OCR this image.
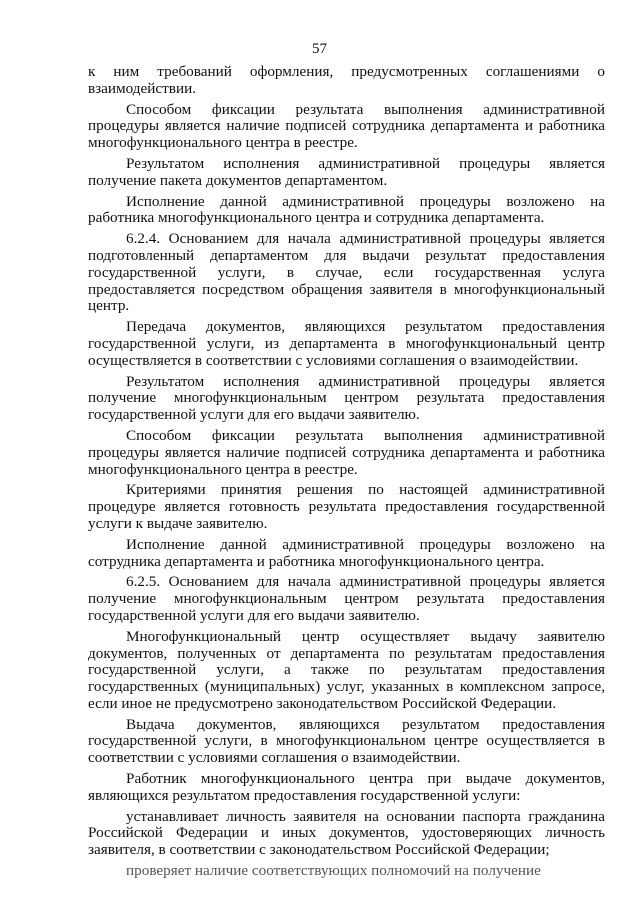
57

к ним требований оформления, предусмотренных соглашениями о взаимодействии.

Способом фиксации результата выполнения административной процедуры является наличие подписей сотрудника департамента и работника многофункционального центра в реестре.

Результатом исполнения административной процедуры является получение пакета документов департаментом.

Исполнение данной административной процедуры возложено на работника многофункционального центра и сотрудника департамента.

6.2.4. Основанием для начала административной процедуры является подготовленный департаментом для выдачи результат предоставления государственной услуги, в случае, если государственная услуга предоставляется посредством обращения заявителя в многофункциональный центр.

Передача документов, являющихся результатом предоставления государственной услуги, из департамента в многофункциональный центр осуществляется в соответствии с условиями соглашения о взаимодействии.

Результатом исполнения административной процедуры является получение многофункциональным центром результата предоставления государственной услуги для его выдачи заявителю.

Способом фиксации результата выполнения административной процедуры является наличие подписей сотрудника департамента и работника многофункционального центра в реестре.

Критериями принятия решения по настоящей административной процедуре является готовность результата предоставления государственной услуги к выдаче заявителю.

Исполнение данной административной процедуры возложено на сотрудника департамента и работника многофункционального центра.

6.2.5. Основанием для начала административной процедуры является получение многофункциональным центром результата предоставления государственной услуги для его выдачи заявителю.

Многофункциональный центр осуществляет выдачу заявителю документов, полученных от департамента по результатам предоставления государственной услуги, а также по результатам предоставления государственных (муниципальных) услуг, указанных в комплексном запросе, если иное не предусмотрено законодательством Российской Федерации.

Выдача документов, являющихся результатом предоставления государственной услуги, в многофункциональном центре осуществляется в соответствии с условиями соглашения о взаимодействии.

Работник многофункционального центра при выдаче документов, являющихся результатом предоставления государственной услуги:

устанавливает личность заявителя на основании паспорта гражданина Российской Федерации и иных документов, удостоверяющих личность заявителя, в соответствии с законодательством Российской Федерации;

проверяет наличие соответствующих полномочий на получение
